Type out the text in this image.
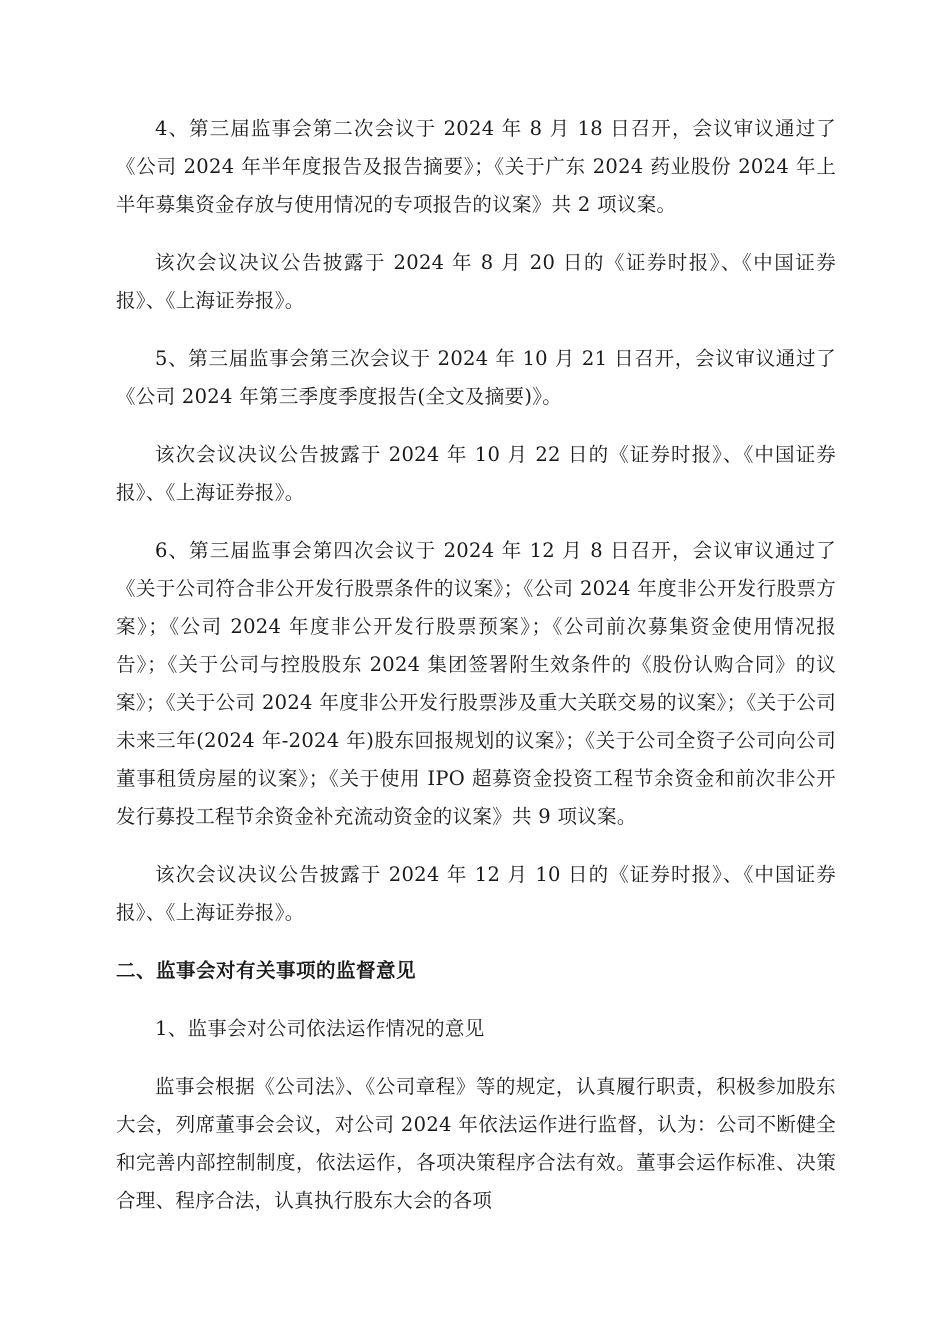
4、第三届监事会第二次会议于 2024 年 8 月 18 日召开，会议审议通过了《公司 2024 年半年度报告及报告摘要》；《关于广东 2024 药业股份 2024 年上半年募集资金存放与使用情况的专项报告的议案》共 2 项议案。

该次会议决议公告披露于 2024 年 8 月 20 日的《证券时报》、《中国证券报》、《上海证券报》。

5、第三届监事会第三次会议于 2024 年 10 月 21 日召开，会议审议通过了《公司 2024 年第三季度季度报告(全文及摘要)》。

该次会议决议公告披露于 2024 年 10 月 22 日的《证券时报》、《中国证券报》、《上海证券报》。

6、第三届监事会第四次会议于 2024 年 12 月 8 日召开，会议审议通过了《关于公司符合非公开发行股票条件的议案》；《公司 2024 年度非公开发行股票方案》；《公司 2024 年度非公开发行股票预案》；《公司前次募集资金使用情况报告》；《关于公司与控股股东 2024 集团签署附生效条件的《股份认购合同》的议案》；《关于公司 2024 年度非公开发行股票涉及重大关联交易的议案》；《关于公司未来三年(2024 年-2024 年)股东回报规划的议案》；《关于公司全资子公司向公司董事租赁房屋的议案》；《关于使用 IPO 超募资金投资工程节余资金和前次非公开发行募投工程节余资金补充流动资金的议案》共 9 项议案。

该次会议决议公告披露于 2024 年 12 月 10 日的《证券时报》、《中国证券报》、《上海证券报》。

二、监事会对有关事项的监督意见

1、监事会对公司依法运作情况的意见

监事会根据《公司法》、《公司章程》等的规定，认真履行职责，积极参加股东大会，列席董事会会议，对公司 2024 年依法运作进行监督，认为：公司不断健全和完善内部控制制度，依法运作，各项决策程序合法有效。董事会运作标准、决策合理、程序合法，认真执行股东大会的各项
